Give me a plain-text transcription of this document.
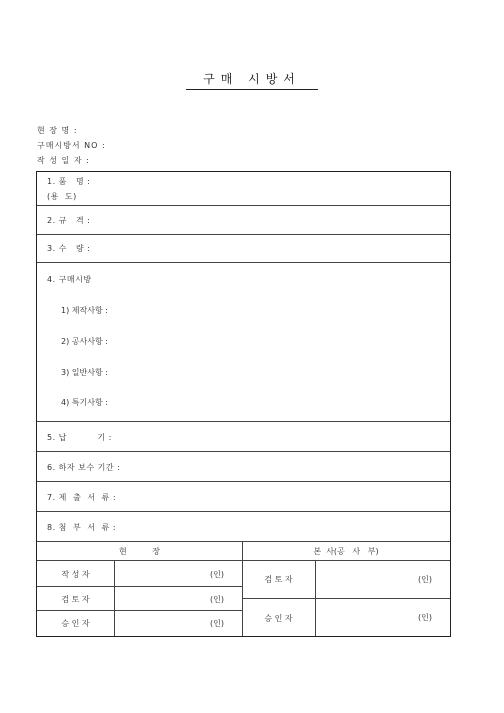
구매 시방서
현 장 명 :
구매시방서 NO :
작 성 일 자 :
1. 품   명 :
(용  도)
2. 규   격 :
3. 수   량 :
4. 구매시방
1) 제작사항 :
2) 공사사항 :
3) 일반사항 :
4) 특기사항 :
5. 납          기 :
6. 하자 보수 기간 :
7. 제  출  서  류 :
8. 첨  부  서  류 :
현          장	본  사(공   사   부)
작 성 자	(인)
검 토 자	(인)
승 인 자	(인)
검 토 자	(인)
승 인 자	(인)
